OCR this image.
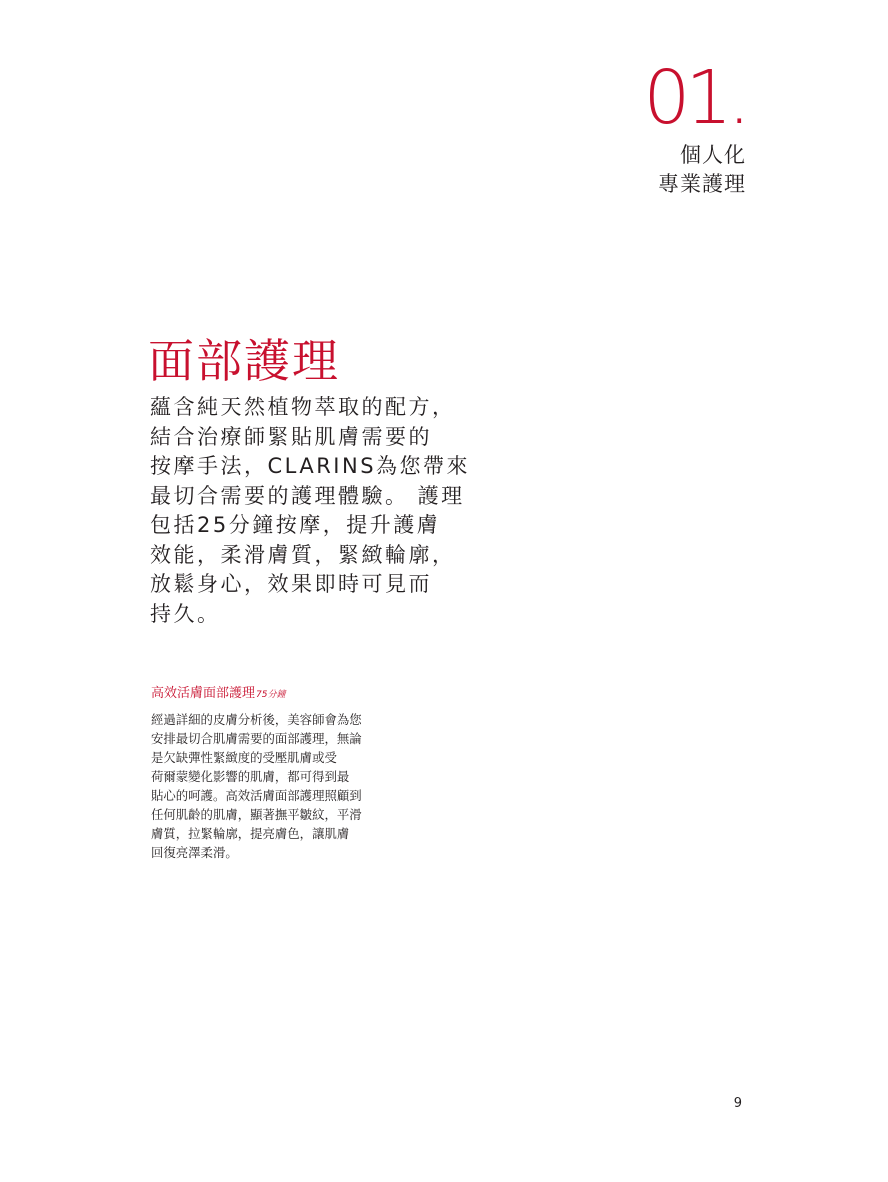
01.
個人化
專業護理
面部護理
蘊含純天然植物萃取的配方，
結合治療師緊貼肌膚需要的
按摩手法，CLARINS為您帶來
最切合需要的護理體驗。 護理
包括25分鐘按摩，提升護膚
效能，柔滑膚質，緊緻輪廓，
放鬆身心，效果即時可見而
持久。
高效活膚面部護理75分鐘
經過詳細的皮膚分析後，美容師會為您
安排最切合肌膚需要的面部護理，無論
是欠缺彈性緊緻度的受壓肌膚或受
荷爾蒙變化影響的肌膚，都可得到最
貼心的呵護。高效活膚面部護理照顧到
任何肌齡的肌膚，顯著撫平皺紋，平滑
膚質，拉緊輪廓，提亮膚色，讓肌膚
回復亮澤柔滑。
9
